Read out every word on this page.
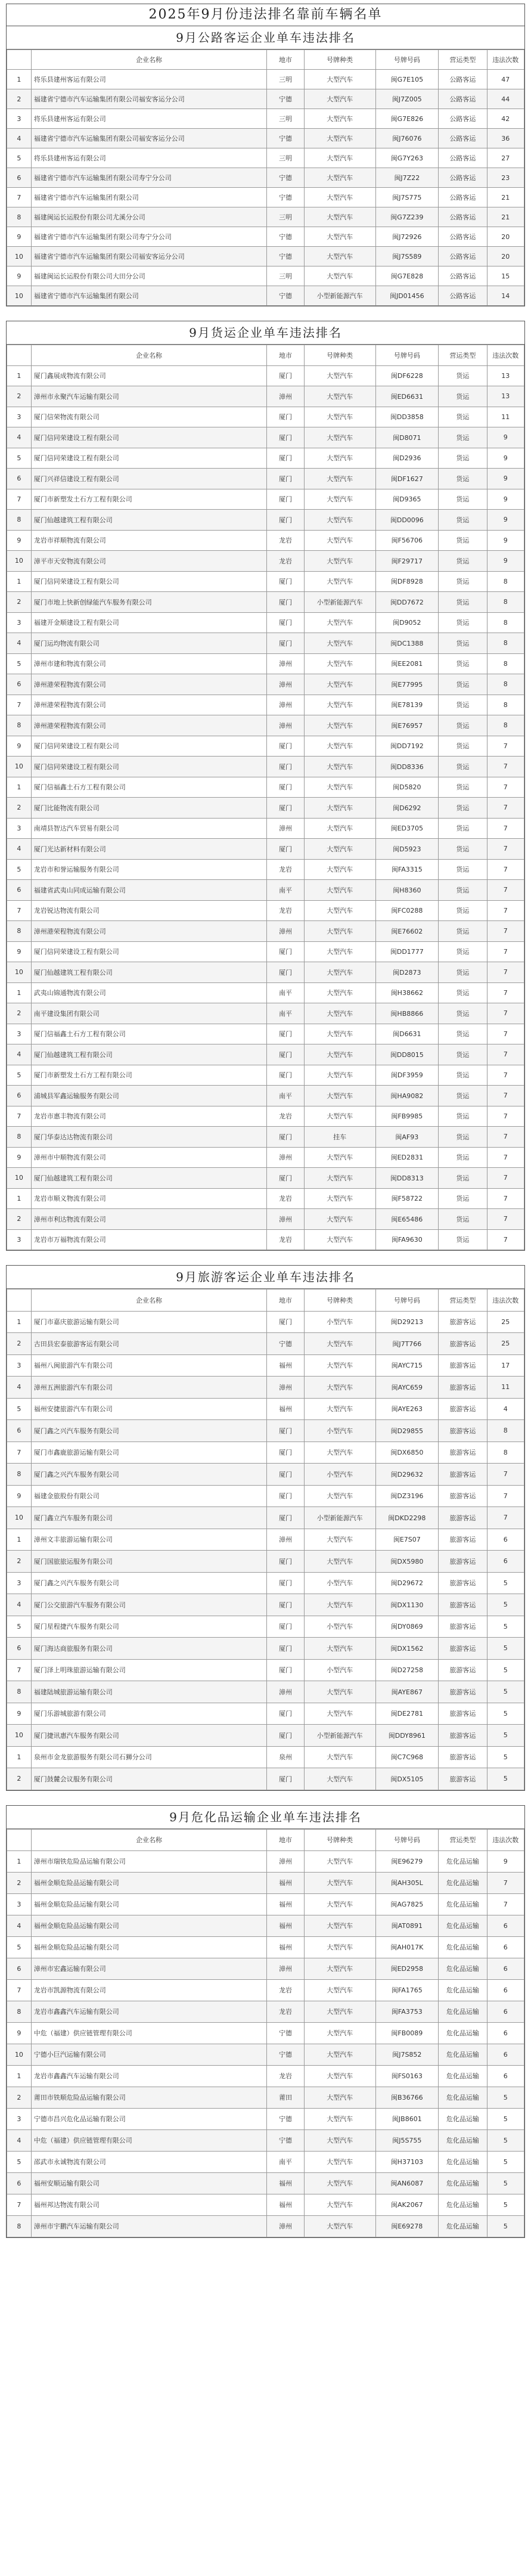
2025年9月份违法排名靠前车辆名单
9月公路客运企业单车违法排名
	企业名称	地市	号牌种类	号牌号码	营运类型	违法次数
1	将乐县建州客运有限公司	三明	大型汽车	闽G7E105	公路客运	47
2	福建省宁德市汽车运输集团有限公司福安客运分公司	宁德	大型汽车	闽J7Z005	公路客运	44
3	将乐县建州客运有限公司	三明	大型汽车	闽G7E826	公路客运	42
4	福建省宁德市汽车运输集团有限公司福安客运分公司	宁德	大型汽车	闽J76076	公路客运	36
5	将乐县建州客运有限公司	三明	大型汽车	闽G7Y263	公路客运	27
6	福建省宁德市汽车运输集团有限公司寿宁分公司	宁德	大型汽车	闽J7Z22	公路客运	23
7	福建省宁德市汽车运输集团有限公司	宁德	大型汽车	闽J7S775	公路客运	21
8	福建闽运长运股份有限公司尤溪分公司	三明	大型汽车	闽G7Z239	公路客运	21
9	福建省宁德市汽车运输集团有限公司寿宁分公司	宁德	大型汽车	闽J72926	公路客运	20
10	福建省宁德市汽车运输集团有限公司福安客运分公司	宁德	大型汽车	闽J7S589	公路客运	20
9	福建闽运长运股份有限公司大田分公司	三明	大型汽车	闽G7E828	公路客运	15
10	福建省宁德市汽车运输集团有限公司	宁德	小型新能源汽车	闽JD01456	公路客运	14
9月货运企业单车违法排名
	企业名称	地市	号牌种类	号牌号码	营运类型	违法次数
1	厦门鑫展成物流有限公司	厦门	大型汽车	闽DF6228	货运	13
2	漳州市永聚汽车运输有限公司	漳州	大型汽车	闽ED6631	货运	13
3	厦门信荣物流有限公司	厦门	大型汽车	闽DD3858	货运	11
4	厦门信同荣建设工程有限公司	厦门	大型汽车	闽D8071	货运	9
5	厦门信同荣建设工程有限公司	厦门	大型汽车	闽D2936	货运	9
6	厦门兴祥信建设工程有限公司	厦门	大型汽车	闽DF1627	货运	9
7	厦门市新塑发土石方工程有限公司	厦门	大型汽车	闽D9365	货运	9
8	厦门仙越建筑工程有限公司	厦门	大型汽车	闽DD0096	货运	9
9	龙岩市祥顺物流有限公司	龙岩	大型汽车	闽F56706	货运	9
10	漳平市天安物流有限公司	龙岩	大型汽车	闽F29717	货运	9
1	厦门信同荣建设工程有限公司	厦门	大型汽车	闽DF8928	货运	8
2	厦门市地上快新创绿能汽车服务有限公司	厦门	小型新能源汽车	闽DD7672	货运	8
3	福建开金顺建设工程有限公司	厦门	大型汽车	闽D9052	货运	8
4	厦门运均物流有限公司	厦门	大型汽车	闽DC1388	货运	8
5	漳州市建和物流有限公司	漳州	大型汽车	闽EE2081	货运	8
6	漳州港荣程物流有限公司	漳州	大型汽车	闽E77995	货运	8
7	漳州港荣程物流有限公司	漳州	大型汽车	闽E78139	货运	8
8	漳州港荣程物流有限公司	漳州	大型汽车	闽E76957	货运	8
9	厦门信同荣建设工程有限公司	厦门	大型汽车	闽DD7192	货运	7
10	厦门信同荣建设工程有限公司	厦门	大型汽车	闽DD8336	货运	7
1	厦门信福鑫土石方工程有限公司	厦门	大型汽车	闽D5820	货运	7
2	厦门比能物流有限公司	厦门	大型汽车	闽D6292	货运	7
3	南靖县智达汽车贸易有限公司	漳州	大型汽车	闽ED3705	货运	7
4	厦门光达新材料有限公司	厦门	大型汽车	闽D5923	货运	7
5	龙岩市和誉运输服务有限公司	龙岩	大型汽车	闽FA3315	货运	7
6	福建省武夷山同成运输有限公司	南平	大型汽车	闽H8360	货运	7
7	龙岩锐达物流有限公司	龙岩	大型汽车	闽FC0288	货运	7
8	漳州港荣程物流有限公司	漳州	大型汽车	闽E76602	货运	7
9	厦门信同荣建设工程有限公司	厦门	大型汽车	闽DD1777	货运	7
10	厦门仙越建筑工程有限公司	厦门	大型汽车	闽D2873	货运	7
1	武夷山锦通物流有限公司	南平	大型汽车	闽H38662	货运	7
2	南平建设集团有限公司	南平	大型汽车	闽HB8866	货运	7
3	厦门信福鑫土石方工程有限公司	厦门	大型汽车	闽D6631	货运	7
4	厦门仙越建筑工程有限公司	厦门	大型汽车	闽DD8015	货运	7
5	厦门市新塑发土石方工程有限公司	厦门	大型汽车	闽DF3959	货运	7
6	浦城县军鑫运输服务有限公司	南平	大型汽车	闽HA9082	货运	7
7	龙岩市惠丰物流有限公司	龙岩	大型汽车	闽FB9985	货运	7
8	厦门华泰达达物流有限公司	厦门	挂车	闽AF93	货运	7
9	漳州市中顺物流有限公司	漳州	大型汽车	闽ED2831	货运	7
10	厦门仙越建筑工程有限公司	厦门	大型汽车	闽DD8313	货运	7
1	龙岩市顺义物流有限公司	龙岩	大型汽车	闽F58722	货运	7
2	漳州市利达物流有限公司	漳州	大型汽车	闽E65486	货运	7
3	龙岩市万福物流有限公司	龙岩	大型汽车	闽FA9630	货运	7
9月旅游客运企业单车违法排名
	企业名称	地市	号牌种类	号牌号码	营运类型	违法次数
1	厦门市嘉庆旅游运输有限公司	厦门	小型汽车	闽D29213	旅游客运	25
2	古田县宏泰旅游客运有限公司	宁德	大型汽车	闽J7T766	旅游客运	25
3	福州八闽旅游汽车有限公司	福州	大型汽车	闽AYC715	旅游客运	17
4	漳州五洲旅游汽车有限公司	漳州	大型汽车	闽AYC659	旅游客运	11
5	福州安捷旅游汽车有限公司	福州	大型汽车	闽AYE263	旅游客运	4
6	厦门鑫之兴汽车服务有限公司	厦门	小型汽车	闽D29855	旅游客运	8
7	厦门市鑫鹿旅游运输有限公司	厦门	大型汽车	闽DX6850	旅游客运	8
8	厦门鑫之兴汽车服务有限公司	厦门	小型汽车	闽D29632	旅游客运	7
9	福建金旅股份有限公司	厦门	大型汽车	闽DZ3196	旅游客运	7
10	厦门鑫立汽车服务有限公司	厦门	小型新能源汽车	闽DKD2298	旅游客运	7
1	漳州文丰旅游运输有限公司	漳州	大型汽车	闽E7S07	旅游客运	6
2	厦门国旅旅运服务有限公司	厦门	大型汽车	闽DX5980	旅游客运	6
3	厦门鑫之兴汽车服务有限公司	厦门	小型汽车	闽D29672	旅游客运	5
4	厦门公交旅游汽车服务有限公司	厦门	大型汽车	闽DX1130	旅游客运	5
5	厦门星程捷汽车服务有限公司	厦门	小型汽车	闽DY0869	旅游客运	5
6	厦门海达商旅服务有限公司	厦门	大型汽车	闽DX1562	旅游客运	5
7	厦门泽上明珠旅游运输有限公司	厦门	小型汽车	闽D27258	旅游客运	5
8	福建陆城旅游运输有限公司	漳州	大型汽车	闽AYE867	旅游客运	5
9	厦门乐游城旅游有限公司	厦门	大型汽车	闽DE2781	旅游客运	5
10	厦门捷讯惠汽车服务有限公司	厦门	小型新能源汽车	闽DDY8961	旅游客运	5
1	泉州市金龙旅游服务有限公司石狮分公司	泉州	大型汽车	闽C7C968	旅游客运	5
2	厦门鼓麓会议服务有限公司	厦门	大型汽车	闽DX5105	旅游客运	5
9月危化品运输企业单车违法排名
	企业名称	地市	号牌种类	号牌号码	营运类型	违法次数
1	漳州市瑞铁危险品运输有限公司	漳州	大型汽车	闽E96279	危化品运输	9
2	福州金顺危险品运输有限公司	福州	大型汽车	闽AH305L	危化品运输	7
3	福州金顺危险品运输有限公司	福州	大型汽车	闽AG7825	危化品运输	7
4	福州金顺危险品运输有限公司	福州	大型汽车	闽AT0891	危化品运输	6
5	福州金顺危险品运输有限公司	福州	大型汽车	闽AH017K	危化品运输	6
6	漳州市宏鑫运输有限公司	漳州	大型汽车	闽ED2958	危化品运输	6
7	龙岩市凯源物流有限公司	龙岩	大型汽车	闽FA1765	危化品运输	6
8	龙岩市鑫鑫汽车运输有限公司	龙岩	大型汽车	闽FA3753	危化品运输	6
9	中危（福建）供应链管理有限公司	宁德	大型汽车	闽FB0089	危化品运输	6
10	宁德小巨汽运输有限公司	宁德	大型汽车	闽J7S852	危化品运输	6
1	龙岩市鑫鑫汽车运输有限公司	龙岩	大型汽车	闽FS0163	危化品运输	6
2	莆田市铁顺危险品运输有限公司	莆田	大型汽车	闽B36766	危化品运输	5
3	宁德市昌兴危化品运输有限公司	宁德	大型汽车	闽JB8601	危化品运输	5
4	中危（福建）供应链管理有限公司	宁德	大型汽车	闽J5S755	危化品运输	5
5	邵武市永诚物流有限公司	南平	大型汽车	闽H37103	危化品运输	5
6	福州安顺运输有限公司	福州	大型汽车	闽AN6087	危化品运输	5
7	福州邦达物流有限公司	福州	大型汽车	闽AK2067	危化品运输	5
8	漳州市宇鹏汽车运输有限公司	漳州	大型汽车	闽E69278	危化品运输	5
